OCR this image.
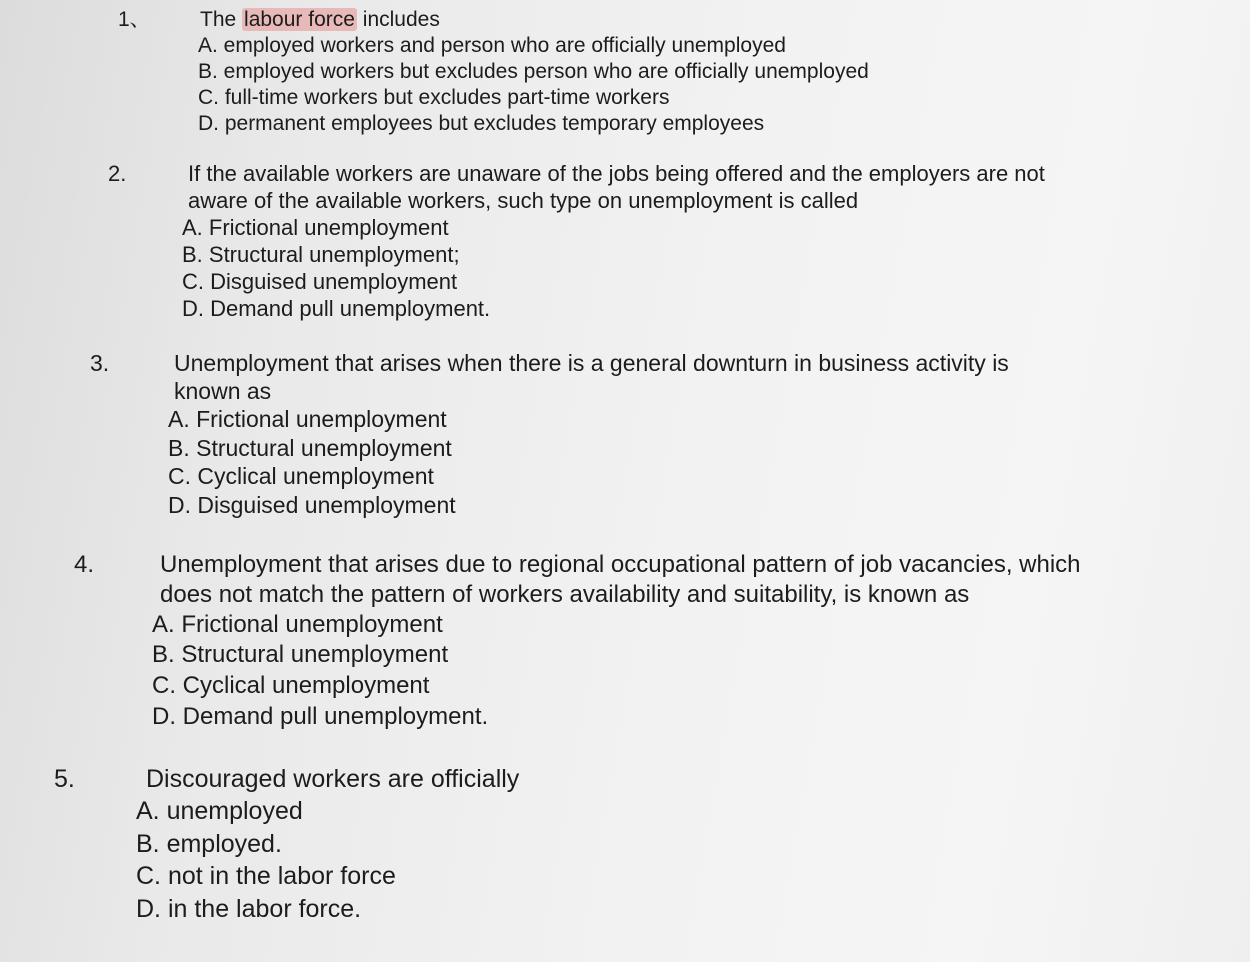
1、 The labour force includes
A. employed workers and person who are officially unemployed
B. employed workers but excludes person who are officially unemployed
C. full-time workers but excludes part-time workers
D. permanent employees but excludes temporary employees
2.	If the available workers are unaware of the jobs being offered and the employers are not
aware of the available workers, such type on unemployment is called
A. Frictional unemployment
B. Structural unemployment;
C. Disguised unemployment
D. Demand pull unemployment.
3.	Unemployment that arises when there is a general downturn in business activity is
known as
A. Frictional unemployment
B. Structural unemployment
C. Cyclical unemployment
D. Disguised unemployment
4.	Unemployment that arises due to regional occupational pattern of job vacancies, which
does not match the pattern of workers availability and suitability, is known as
A. Frictional unemployment
B. Structural unemployment
C. Cyclical unemployment
D. Demand pull unemployment.
5.	Discouraged workers are officially
A. unemployed
B. employed.
C. not in the labor force
D. in the labor force.
